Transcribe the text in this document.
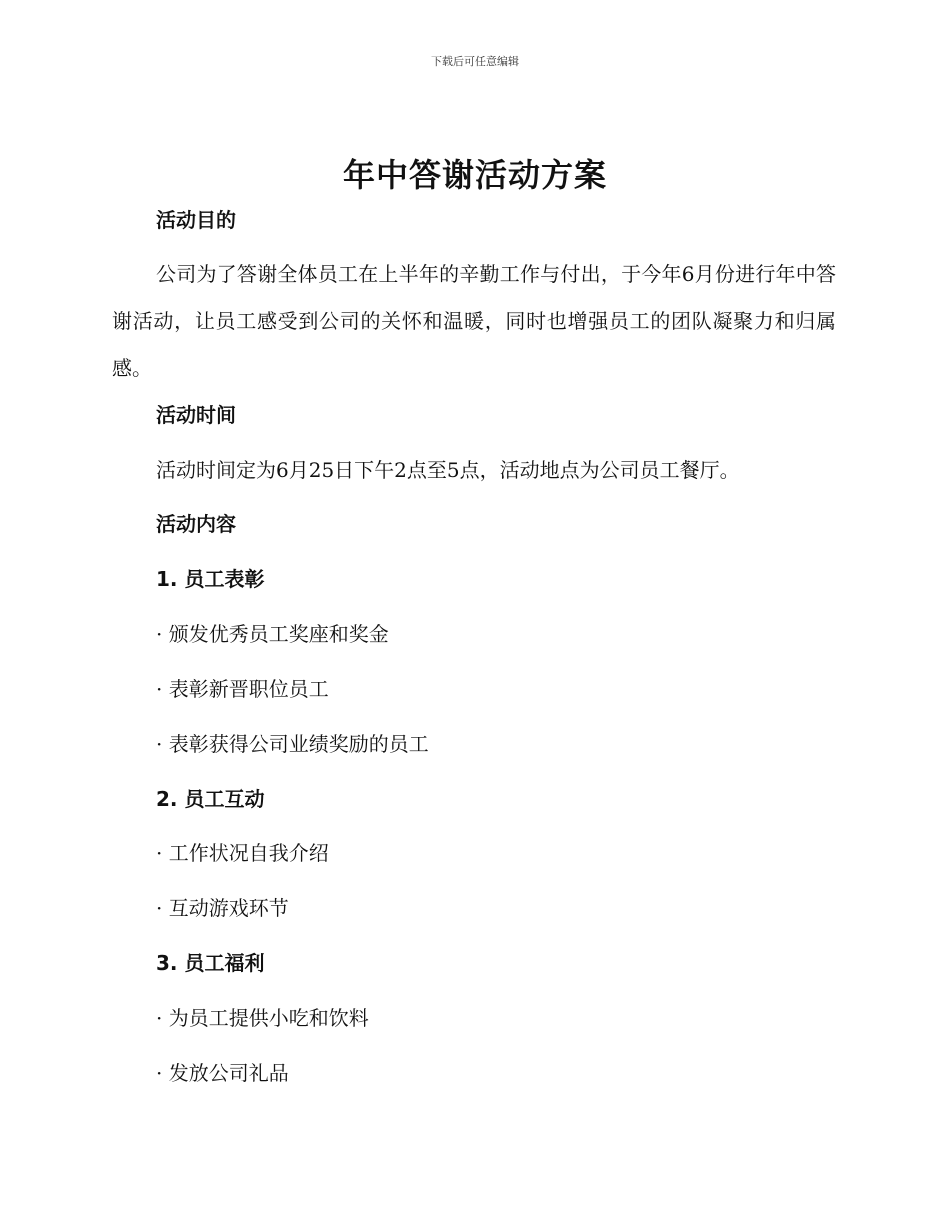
下载后可任意编辑
年中答谢活动方案
活动目的
公司为了答谢全体员工在上半年的辛勤工作与付出，于今年6月份进行年中答谢活动，让员工感受到公司的关怀和温暖，同时也增强员工的团队凝聚力和归属感。
活动时间
活动时间定为6月25日下午2点至5点，活动地点为公司员工餐厅。
活动内容
1. 员工表彰
· 颁发优秀员工奖座和奖金
· 表彰新晋职位员工
· 表彰获得公司业绩奖励的员工
2. 员工互动
· 工作状况自我介绍
· 互动游戏环节
3. 员工福利
· 为员工提供小吃和饮料
· 发放公司礼品
